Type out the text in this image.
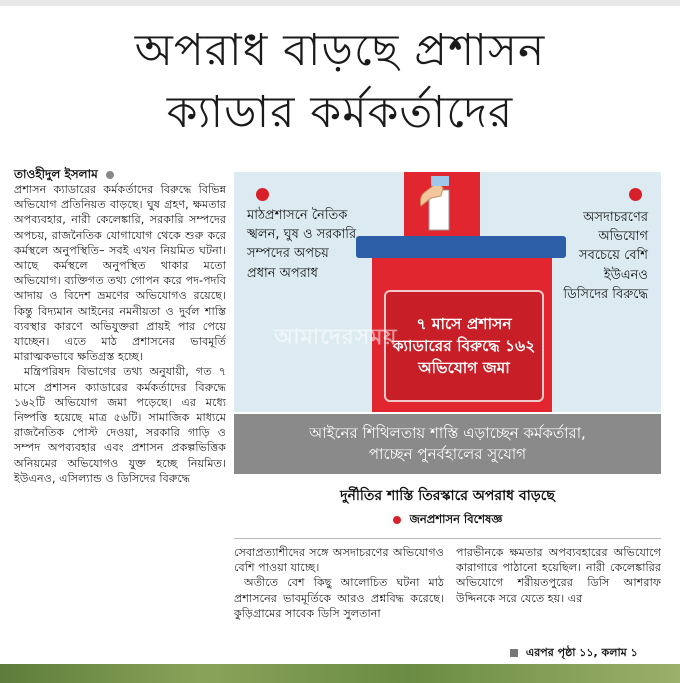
অপরাধ বাড়ছে প্রশাসন
ক্যাডার কর্মকর্তাদের
তাওহীদুল ইসলাম

প্রশাসন ক্যাডারের কর্মকর্তাদের বিরুদ্ধে বিভিন্ন অভিযোগ প্রতিনিয়ত বাড়ছে। ঘুষ গ্রহণ, ক্ষমতার অপব্যবহার, নারী কেলেঙ্কারি, সরকারি সম্পদের অপচয়, রাজনৈতিক যোগাযোগ থেকে শুরু করে কর্মস্থলে অনুপস্থিতি– সবই এখন নিয়মিত ঘটনা। আছে কর্মস্থলে অনুপস্থিত থাকার মতো অভিযোগ। ব্যক্তিগত তথ্য গোপন করে পদ-পদবি আদায় ও বিদেশ ভ্রমণের অভিযোগও রয়েছে। কিন্তু বিদ্যমান আইনের নমনীয়তা ও দুর্বল শাস্তি ব্যবস্থার কারণে অভিযুক্তরা প্রায়ই পার পেয়ে যাচ্ছেন। এতে মাঠ প্রশাসনের ভাবমূর্তি মারাত্মকভাবে ক্ষতিগ্রস্ত হচ্ছে।

মন্ত্রিপরিষদ বিভাগের তথ্য অনুযায়ী, গত ৭ মাসে প্রশাসন ক্যাডারের কর্মকর্তাদের বিরুদ্ধে ১৬২টি অভিযোগ জমা পড়েছে। এর মধ্যে নিষ্পত্তি হয়েছে মাত্র ৫৬টি। সামাজিক মাধ্যমে রাজনৈতিক পোস্ট দেওয়া, সরকারি গাড়ি ও সম্পদ অপব্যবহার এবং প্রশাসন প্রকল্পভিত্তিক অনিয়মের অভিযোগও যুক্ত হচ্ছে নিয়মিত। ইউএনও, এসিল্যান্ড ও ডিসিদের বিরুদ্ধে

৭ মাসে প্রশাসন ক্যাডারের বিরুদ্ধে ১৬২ অভিযোগ জমা
মাঠপ্রশাসনে নৈতিক স্খলন, ঘুষ ও সরকারি সম্পদের অপচয় প্রধান অপরাধ
অসদাচরণের অভিযোগ সবচেয়ে বেশি ইউএনও ডিসিদের বিরুদ্ধে
আমাদেরসময়
আইনের শিথিলতায় শাস্তি এড়াচ্ছেন কর্মকর্তারা,
পাচ্ছেন পুনর্বহালের সুযোগ
দুর্নীতির শাস্তি তিরস্কারে অপরাধ বাড়ছে
জনপ্রশাসন বিশেষজ্ঞ

সেবাপ্রত্যাশীদের সঙ্গে অসদাচরণের অভিযোগও বেশি পাওয়া যাচ্ছে।

অতীতে বেশ কিছু আলোচিত ঘটনা মাঠ প্রশাসনের ভাবমূর্তিকে আরও প্রশ্নবিদ্ধ করেছে। কুড়িগ্রামের সাবেক ডিসি সুলতানা

পারভীনকে ক্ষমতার অপব্যবহারের অভিযোগে কারাগারে পাঠানো হয়েছিল। নারী কেলেঙ্কারির অভিযোগে শরীয়তপুরের ডিসি আশরাফ উদ্দিনকে সরে যেতে হয়। এর

এরপর পৃষ্ঠা ১১, কলাম ১
